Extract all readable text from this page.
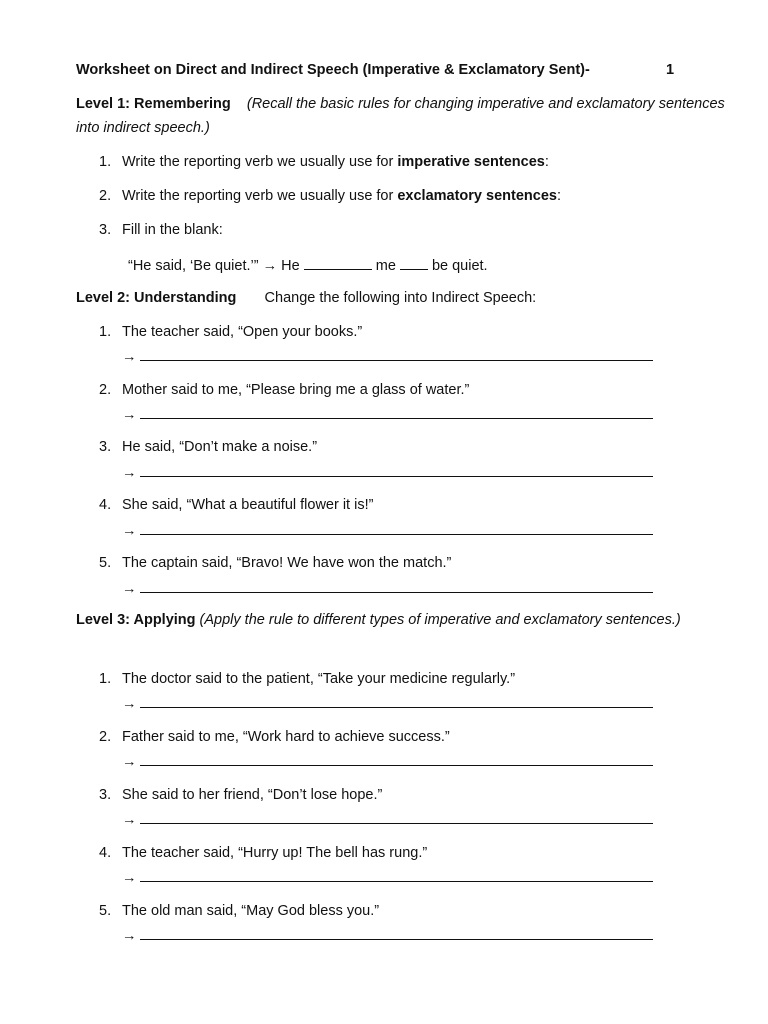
Worksheet on Direct and Indirect Speech (Imperative & Exclamatory Sent)-	1
Level 1: Remembering (Recall the basic rules for changing imperative and exclamatory sentences into indirect speech.)
1. Write the reporting verb we usually use for imperative sentences:
2. Write the reporting verb we usually use for exclamatory sentences:
3. Fill in the blank:
“He said, ‘Be quiet.’” → He	me be quiet.
Level 2: Understanding Change the following into Indirect Speech:
1. The teacher said, “Open your books.”
→
2. Mother said to me, “Please bring me a glass of water.”
→
3. He said, “Don’t make a noise.”
→
4. She said, “What a beautiful flower it is!”
→
5. The captain said, “Bravo! We have won the match.”
→
Level 3: Applying (Apply the rule to different types of imperative and exclamatory sentences.)
1. The doctor said to the patient, “Take your medicine regularly.”
→
2. Father said to me, “Work hard to achieve success.”
→
3. She said to her friend, “Don’t lose hope.”
→
4. The teacher said, “Hurry up! The bell has rung.”
→
5. The old man said, “May God bless you.”
→
